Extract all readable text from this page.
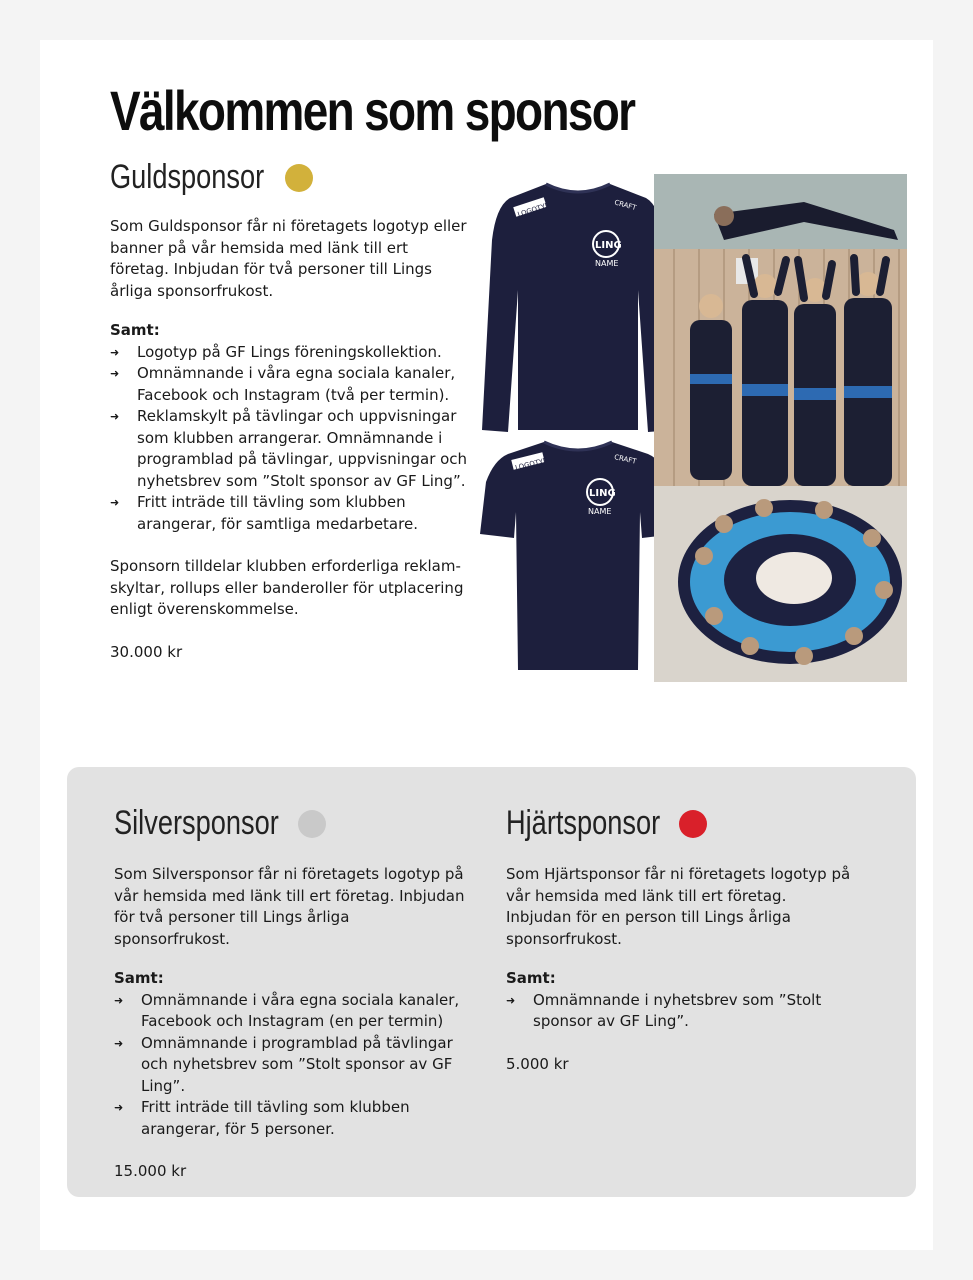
Välkommen som sponsor
Guldsponsor
Som Guldsponsor får ni företagets logotyp eller banner på vår hemsida med länk till ert företag. Inbjudan för två personer till Lings årliga sponsorfrukost.
Samt:
➜ Logotyp på GF Lings föreningskollektion.
➜ Omnämnande i våra egna sociala kanaler, Facebook och Instagram (två per termin).
➜ Reklamskylt på tävlingar och uppvisningar som klubben arrangerar. Omnämnande i programblad på tävlingar, uppvisningar och nyhetsbrev som ”Stolt sponsor av GF Ling”.
➜ Fritt inträde till tävling som klubben arangerar, för samtliga medarbetare.
Sponsorn tilldelar klubben erforderliga reklam-skyltar, rollups eller banderoller för utplacering enligt överenskommelse.
30.000 kr
LOGOTYP	CRAFT
LING
NAME
LOGOTYP	CRAFT
LING
NAME
Silversponsor
Som Silversponsor får ni företagets logotyp på vår hemsida med länk till ert företag. Inbjudan för två personer till Lings årliga sponsorfrukost.
Samt:
➜ Omnämnande i våra egna sociala kanaler, Facebook och Instagram (en per termin)
➜ Omnämnande i programblad på tävlingar och nyhetsbrev som ”Stolt sponsor av GF Ling”.
➜ Fritt inträde till tävling som klubben arangerar, för 5 personer.
15.000 kr
Hjärtsponsor
Som Hjärtsponsor får ni företagets logotyp på vår hemsida med länk till ert företag. Inbjudan för en person till Lings årliga sponsorfrukost.
Samt:
➜ Omnämnande i nyhetsbrev som ”Stolt sponsor av GF Ling”.
5.000 kr
